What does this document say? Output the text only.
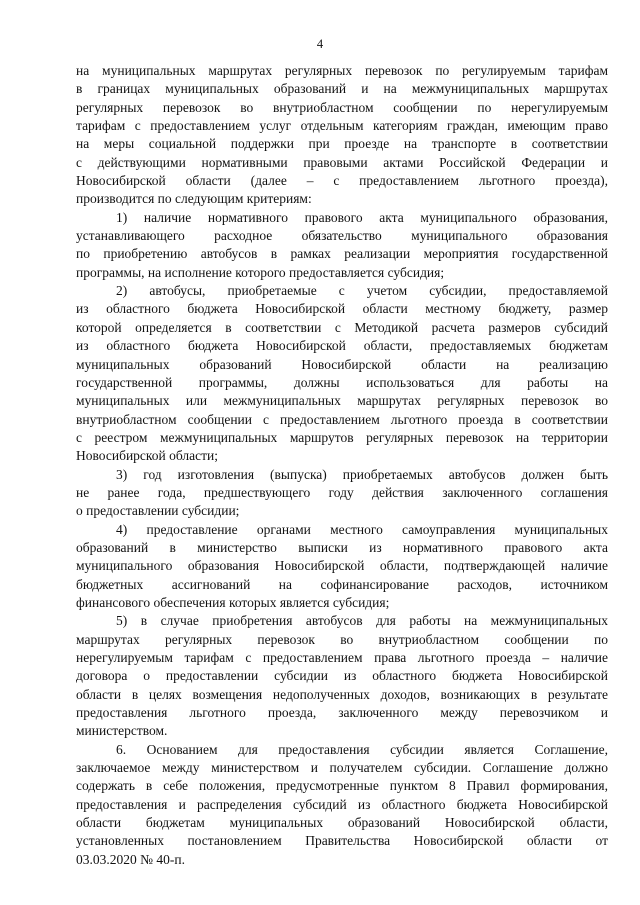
4
на муниципальных маршрутах регулярных перевозок по регулируемым тарифам
в границах муниципальных образований и на межмуниципальных маршрутах
регулярных перевозок во внутриобластном сообщении по нерегулируемым
тарифам с предоставлением услуг отдельным категориям граждан, имеющим право
на меры социальной поддержки при проезде на транспорте в соответствии
с действующими нормативными правовыми актами Российской Федерации и
Новосибирской области (далее – с предоставлением льготного проезда),
производится по следующим критериям:
1) наличие нормативного правового акта муниципального образования,
устанавливающего расходное обязательство муниципального образования
по приобретению автобусов в рамках реализации мероприятия государственной
программы, на исполнение которого предоставляется субсидия;
2) автобусы, приобретаемые с учетом субсидии, предоставляемой
из областного бюджета Новосибирской области местному бюджету, размер
которой определяется в соответствии с Методикой расчета размеров субсидий
из областного бюджета Новосибирской области, предоставляемых бюджетам
муниципальных образований Новосибирской области на реализацию
государственной программы, должны использоваться для работы на
муниципальных или межмуниципальных маршрутах регулярных перевозок во
внутриобластном сообщении с предоставлением льготного проезда в соответствии
с реестром межмуниципальных маршрутов регулярных перевозок на территории
Новосибирской области;
3) год изготовления (выпуска) приобретаемых автобусов должен быть
не ранее года, предшествующего году действия заключенного соглашения
о предоставлении субсидии;
4) предоставление органами местного самоуправления муниципальных
образований в министерство выписки из нормативного правового акта
муниципального образования Новосибирской области, подтверждающей наличие
бюджетных ассигнований на софинансирование расходов, источником
финансового обеспечения которых является субсидия;
5) в случае приобретения автобусов для работы на межмуниципальных
маршрутах регулярных перевозок во внутриобластном сообщении по
нерегулируемым тарифам с предоставлением права льготного проезда – наличие
договора о предоставлении субсидии из областного бюджета Новосибирской
области в целях возмещения недополученных доходов, возникающих в результате
предоставления льготного проезда, заключенного между перевозчиком и
министерством.
6. Основанием для предоставления субсидии является Соглашение,
заключаемое между министерством и получателем субсидии. Соглашение должно
содержать в себе положения, предусмотренные пунктом 8 Правил формирования,
предоставления и распределения субсидий из областного бюджета Новосибирской
области бюджетам муниципальных образований Новосибирской области,
установленных постановлением Правительства Новосибирской области от
03.03.2020 № 40-п.
